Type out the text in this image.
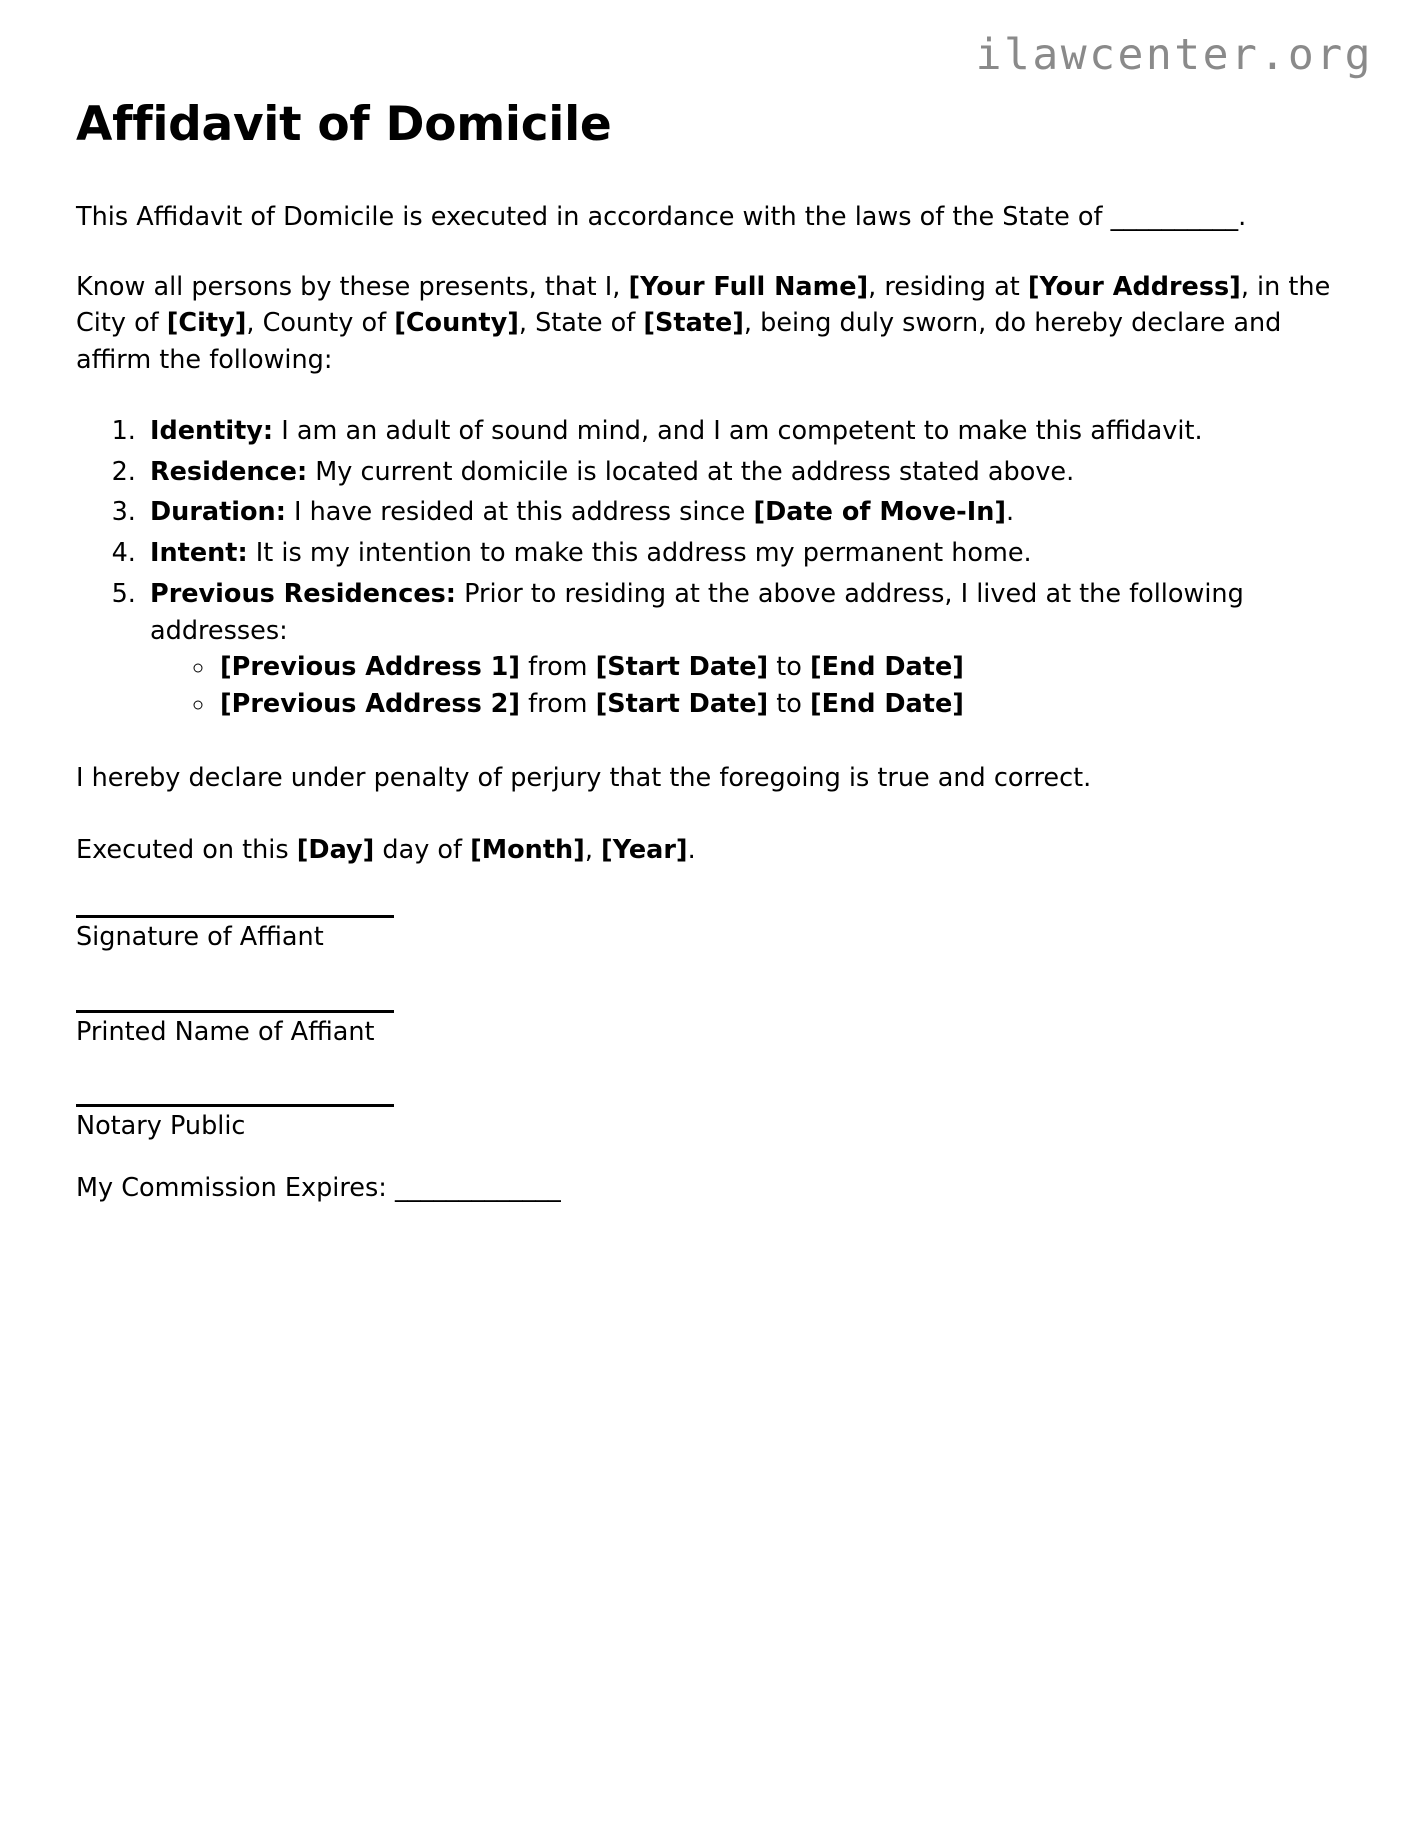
ilawcenter.org
Affidavit of Domicile

This Affidavit of Domicile is executed in accordance with the laws of the State of __________.

Know all persons by these presents, that I, [Your Full Name], residing at [Your Address], in the City of [City], County of [County], State of [State], being duly sworn, do hereby declare and affirm the following:

1. Identity: I am an adult of sound mind, and I am competent to make this affidavit.
2. Residence: My current domicile is located at the address stated above.
3. Duration: I have resided at this address since [Date of Move-In].
4. Intent: It is my intention to make this address my permanent home.
5. Previous Residences: Prior to residing at the above address, I lived at the following addresses:
◦ [Previous Address 1] from [Start Date] to [End Date]
◦ [Previous Address 2] from [Start Date] to [End Date]

I hereby declare under penalty of perjury that the foregoing is true and correct.

Executed on this [Day] day of [Month], [Year].

Signature of Affiant

Printed Name of Affiant

Notary Public

My Commission Expires: _____________
